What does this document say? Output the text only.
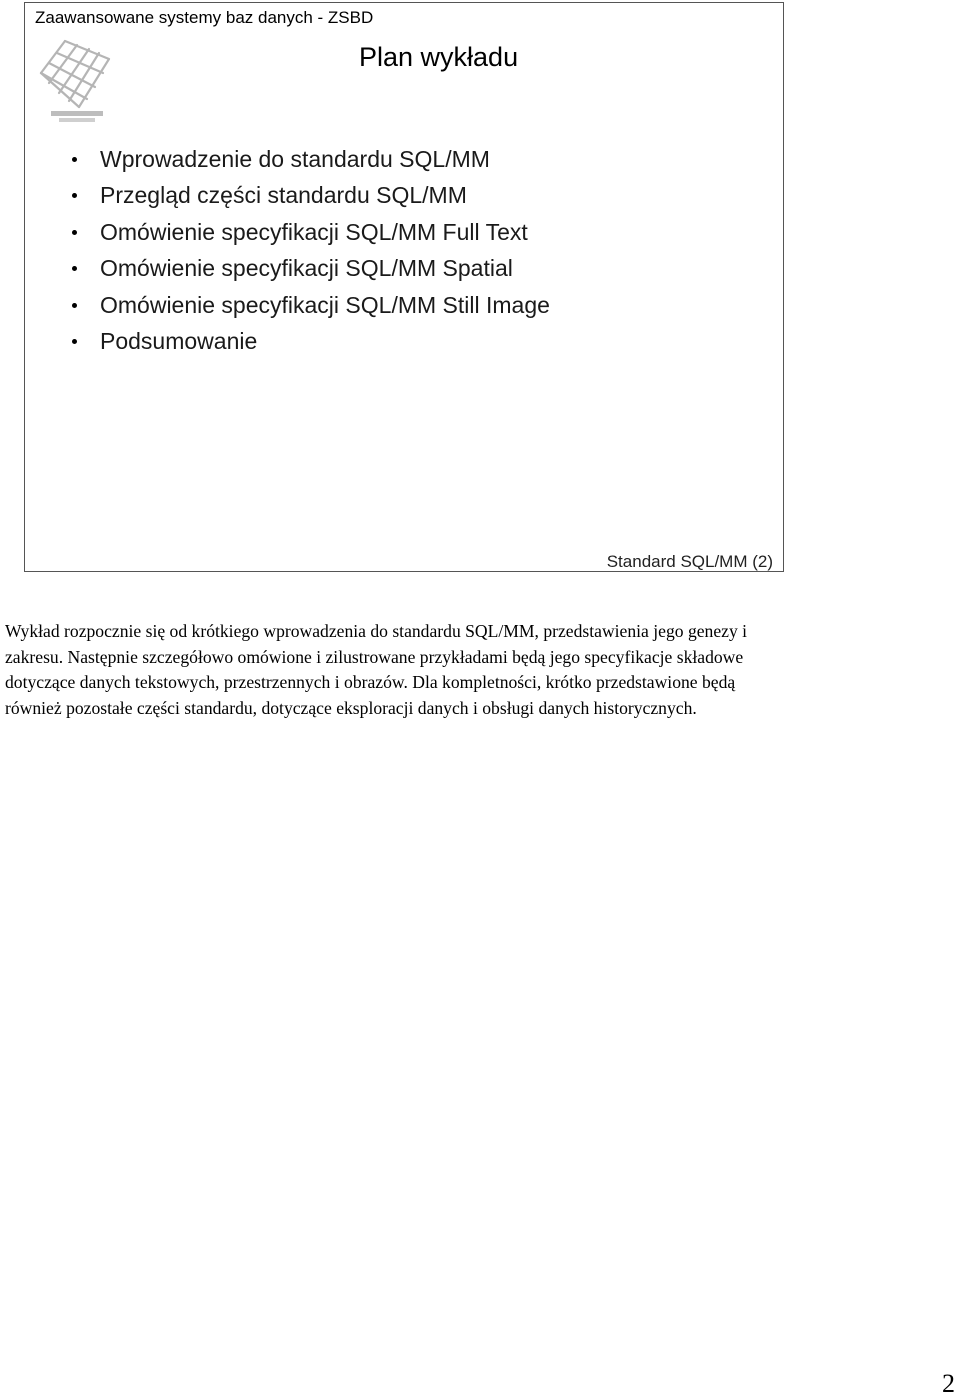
Zaawansowane systemy baz danych - ZSBD
Plan wykładu
Wprowadzenie do standardu SQL/MM
Przegląd części standardu SQL/MM
Omówienie specyfikacji SQL/MM Full Text
Omówienie specyfikacji SQL/MM Spatial
Omówienie specyfikacji SQL/MM Still Image
Podsumowanie
Standard SQL/MM (2)

Wykład rozpocznie się od krótkiego wprowadzenia do standardu SQL/MM, przedstawienia jego genezy i zakresu. Następnie szczegółowo omówione i zilustrowane przykładami będą jego specyfikacje składowe dotyczące danych tekstowych, przestrzennych i obrazów. Dla kompletności, krótko przedstawione będą również pozostałe części standardu, dotyczące eksploracji danych i obsługi danych historycznych.

2
